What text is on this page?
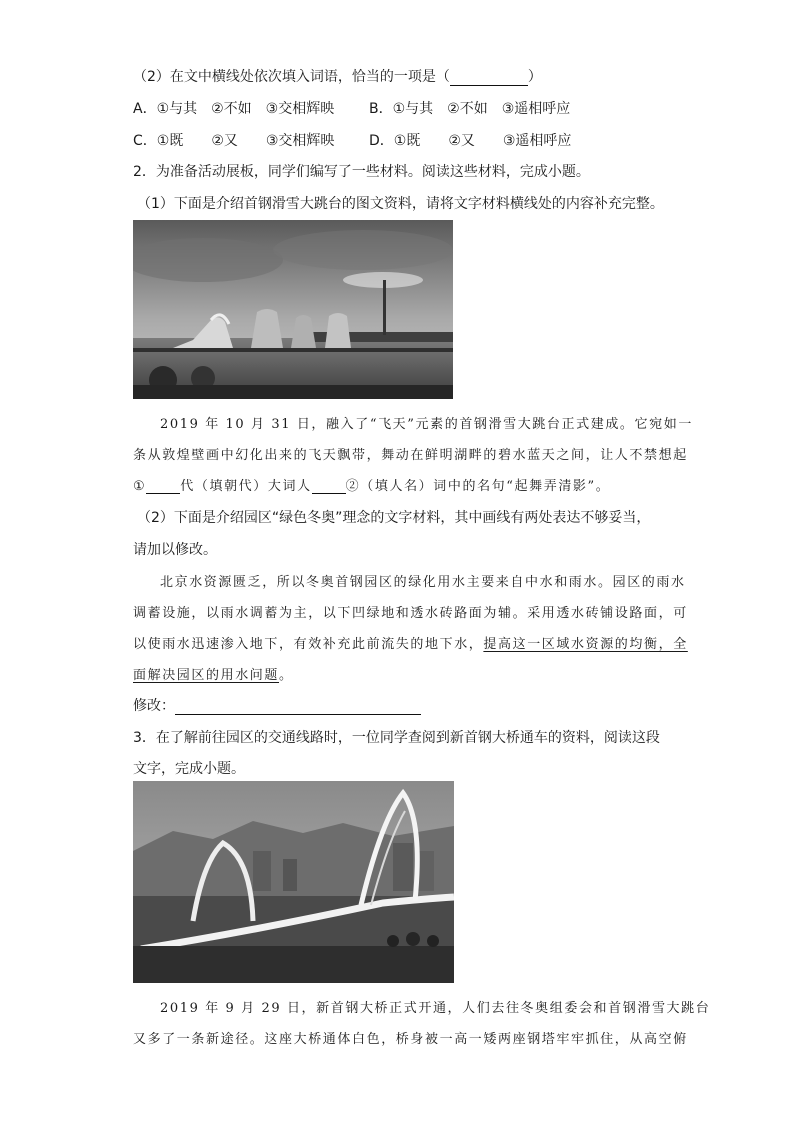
（2）在文中横线处依次填入词语，恰当的一项是（	）
A．①与其　②不如　③交相辉映 B．①与其　②不如　③遥相呼应
C．①既　　②又　　③交相辉映 D．①既　　②又　　③遥相呼应
2．为准备活动展板，同学们编写了一些材料。阅读这些材料，完成小题。
（1）下面是介绍首钢滑雪大跳台的图文资料，请将文字材料横线处的内容补充完整。
2019 年 10 月 31 日，融入了“飞天”元素的首钢滑雪大跳台正式建成。它宛如一
条从敦煌壁画中幻化出来的飞天飘带，舞动在鲜明湖畔的碧水蓝天之间，让人不禁想起
①	代（填朝代）大词人	②（填人名）词中的名句“起舞弄清影”。
（2）下面是介绍园区“绿色冬奥”理念的文字材料，其中画线有两处表达不够妥当，
请加以修改。
北京水资源匮乏，所以冬奥首钢园区的绿化用水主要来自中水和雨水。园区的雨水
调蓄设施，以雨水调蓄为主，以下凹绿地和透水砖路面为辅。采用透水砖铺设路面，可
以使雨水迅速渗入地下，有效补充此前流失的地下水，提高这一区域水资源的均衡，全
面解决园区的用水问题。
修改：
3．在了解前往园区的交通线路时，一位同学查阅到新首钢大桥通车的资料，阅读这段
文字，完成小题。
2019 年 9 月 29 日，新首钢大桥正式开通，人们去往冬奥组委会和首钢滑雪大跳台
又多了一条新途径。这座大桥通体白色，桥身被一高一矮两座钢塔牢牢抓住，从高空俯
